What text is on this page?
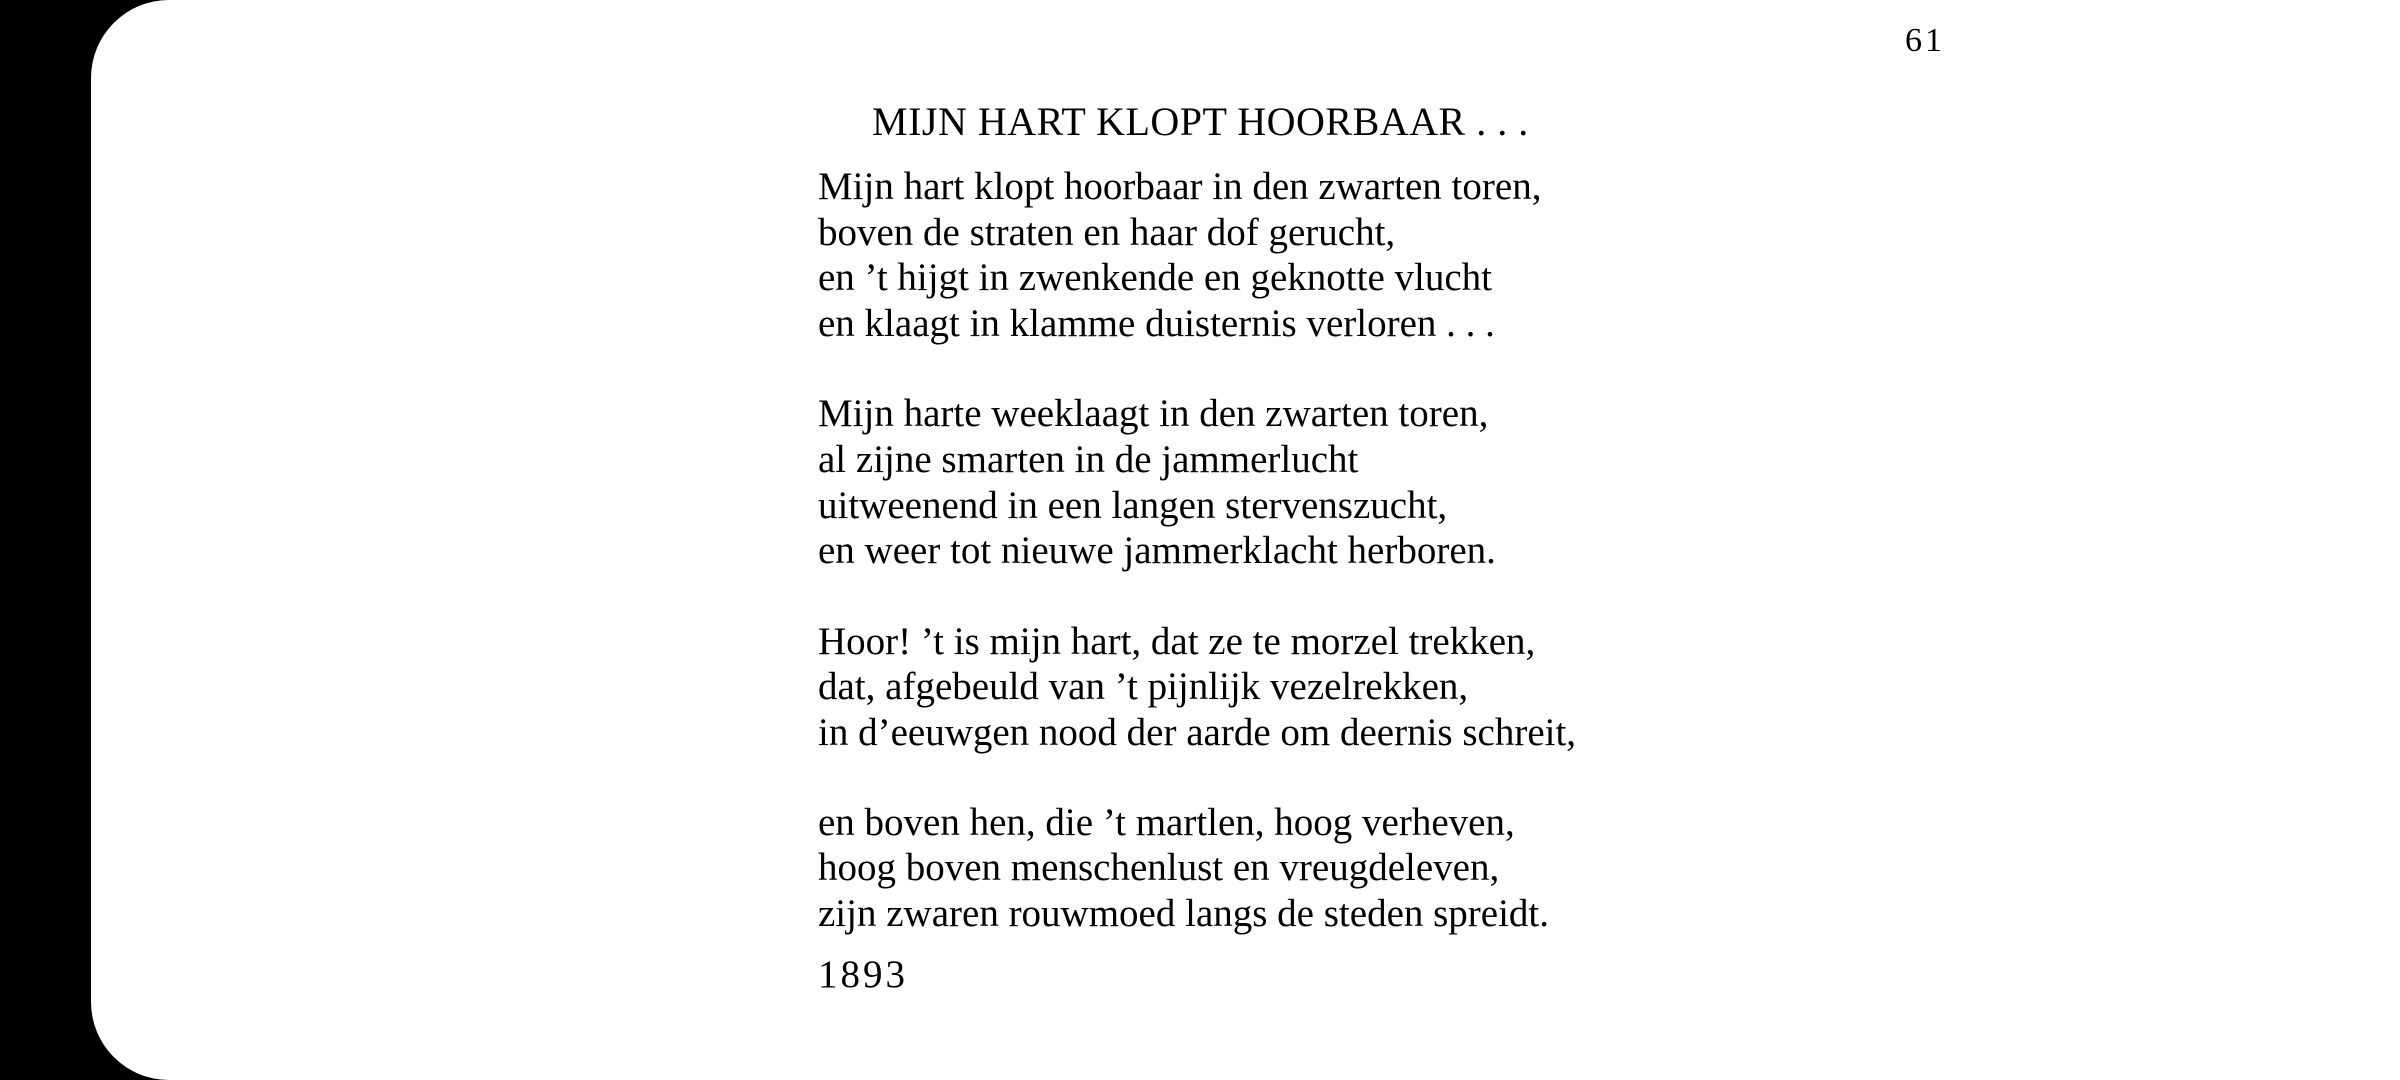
61
MIJN HART KLOPT HOORBAAR . . .
Mijn hart klopt hoorbaar in den zwarten toren,
boven de straten en haar dof gerucht,
en ’t hijgt in zwenkende en geknotte vlucht
en klaagt in klamme duisternis verloren . . .
Mijn harte weeklaagt in den zwarten toren,
al zijne smarten in de jammerlucht
uitweenend in een langen stervenszucht,
en weer tot nieuwe jammerklacht herboren.
Hoor! ’t is mijn hart, dat ze te morzel trekken,
dat, afgebeuld van ’t pijnlijk vezelrekken,
in d’eeuwgen nood der aarde om deernis schreit,
en boven hen, die ’t martlen, hoog verheven,
hoog boven menschenlust en vreugdeleven,
zijn zwaren rouwmoed langs de steden spreidt.
1893
